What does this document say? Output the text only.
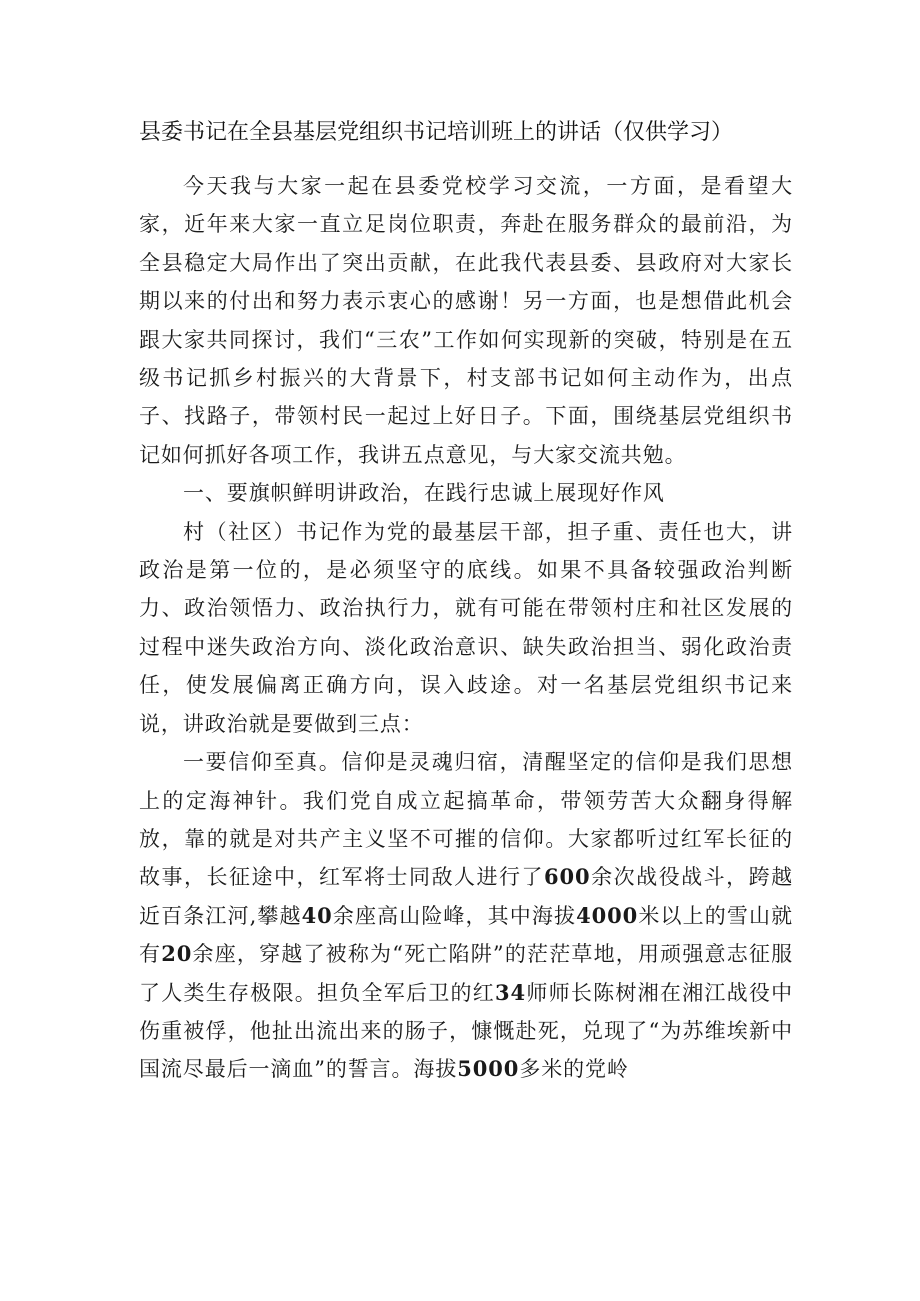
县委书记在全县基层党组织书记培训班上的讲话（仅供学习）

今天我与大家一起在县委党校学习交流，一方面，是看望大家，近年来大家一直立足岗位职责，奔赴在服务群众的最前沿，为全县稳定大局作出了突出贡献，在此我代表县委、县政府对大家长期以来的付出和努力表示衷心的感谢！另一方面，也是想借此机会跟大家共同探讨，我们“三农”工作如何实现新的突破，特别是在五级书记抓乡村振兴的大背景下，村支部书记如何主动作为，出点子、找路子，带领村民一起过上好日子。下面，围绕基层党组织书记如何抓好各项工作，我讲五点意见，与大家交流共勉。

一、要旗帜鲜明讲政治，在践行忠诚上展现好作风

村（社区）书记作为党的最基层干部，担子重、责任也大，讲政治是第一位的，是必须坚守的底线。如果不具备较强政治判断力、政治领悟力、政治执行力，就有可能在带领村庄和社区发展的过程中迷失政治方向、淡化政治意识、缺失政治担当、弱化政治责任，使发展偏离正确方向，误入歧途。对一名基层党组织书记来说，讲政治就是要做到三点：

一要信仰至真。信仰是灵魂归宿，清醒坚定的信仰是我们思想上的定海神针。我们党自成立起搞革命，带领劳苦大众翻身得解放，靠的就是对共产主义坚不可摧的信仰。大家都听过红军长征的故事，长征途中，红军将士同敌人进行了600余次战役战斗，跨越近百条江河,攀越40余座高山险峰，其中海拔4000米以上的雪山就有20余座，穿越了被称为“死亡陷阱”的茫茫草地，用顽强意志征服了人类生存极限。担负全军后卫的红34师师长陈树湘在湘江战役中伤重被俘，他扯出流出来的肠子，慷慨赴死，兑现了“为苏维埃新中国流尽最后一滴血”的誓言。海拔5000多米的党岭
